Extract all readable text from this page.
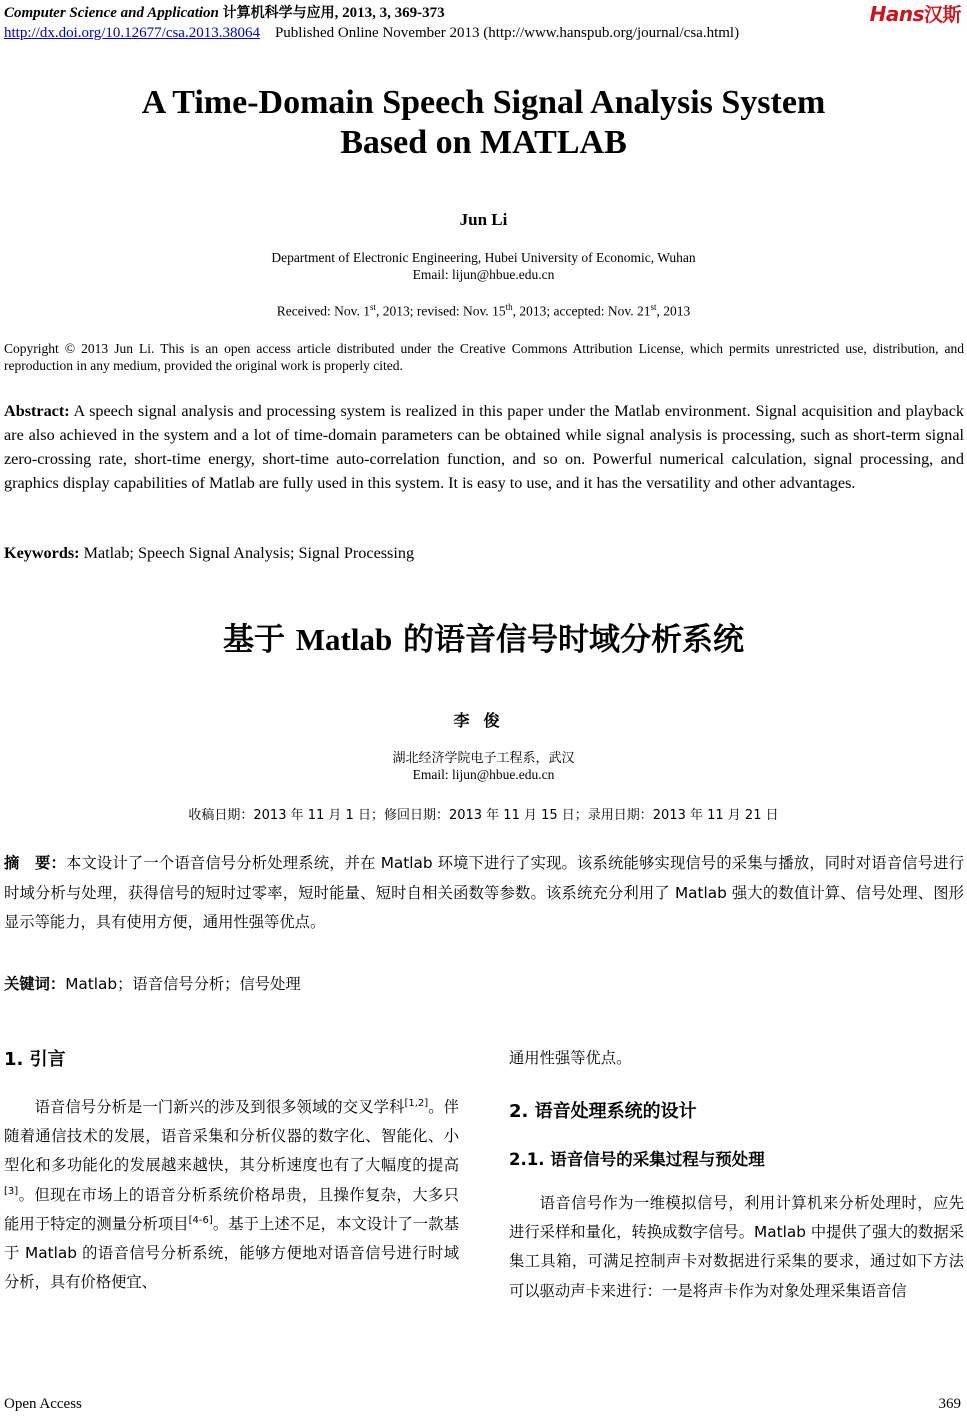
Computer Science and Application 计算机科学与应用, 2013, 3, 369-373	Hans汉斯
http://dx.doi.org/10.12677/csa.2013.38064 Published Online November 2013 (http://www.hanspub.org/journal/csa.html)
A Time-Domain Speech Signal Analysis System
Based on MATLAB
Jun Li
Department of Electronic Engineering, Hubei University of Economic, Wuhan
Email: lijun@hbue.edu.cn
Received: Nov. 1st, 2013; revised: Nov. 15th, 2013; accepted: Nov. 21st, 2013
Copyright © 2013 Jun Li. This is an open access article distributed under the Creative Commons Attribution License, which permits unrestricted use, distribution, and reproduction in any medium, provided the original work is properly cited.
Abstract: A speech signal analysis and processing system is realized in this paper under the Matlab environment. Signal acquisition and playback are also achieved in the system and a lot of time-domain parameters can be obtained while signal analysis is processing, such as short-term signal zero-crossing rate, short-time energy, short-time auto-correlation function, and so on. Powerful numerical calculation, signal processing, and graphics display capabilities of Matlab are fully used in this system. It is easy to use, and it has the versatility and other advantages.
Keywords: Matlab; Speech Signal Analysis; Signal Processing
基于 Matlab 的语音信号时域分析系统
李俊
湖北经济学院电子工程系，武汉
Email: lijun@hbue.edu.cn
收稿日期：2013 年 11 月 1 日；修回日期：2013 年 11 月 15 日；录用日期：2013 年 11 月 21 日
摘　要：本文设计了一个语音信号分析处理系统，并在 Matlab 环境下进行了实现。该系统能够实现信号的采集与播放，同时对语音信号进行时域分析与处理，获得信号的短时过零率，短时能量、短时自相关函数等参数。该系统充分利用了 Matlab 强大的数值计算、信号处理、图形显示等能力，具有使用方便，通用性强等优点。
关键词：Matlab；语音信号分析；信号处理
1. 引言
语音信号分析是一门新兴的涉及到很多领域的交叉学科[1,2]。伴随着通信技术的发展，语音采集和分析仪器的数字化、智能化、小型化和多功能化的发展越来越快，其分析速度也有了大幅度的提高[3]。但现在市场上的语音分析系统价格昂贵，且操作复杂，大多只能用于特定的测量分析项目[4-6]。基于上述不足，本文设计了一款基于 Matlab 的语音信号分析系统，能够方便地对语音信号进行时域分析，具有价格便宜、
通用性强等优点。
2. 语音处理系统的设计
2.1. 语音信号的采集过程与预处理
语音信号作为一维模拟信号，利用计算机来分析处理时，应先进行采样和量化，转换成数字信号。Matlab 中提供了强大的数据采集工具箱，可满足控制声卡对数据进行采集的要求，通过如下方法可以驱动声卡来进行：一是将声卡作为对象处理采集语音信
Open Access	369
